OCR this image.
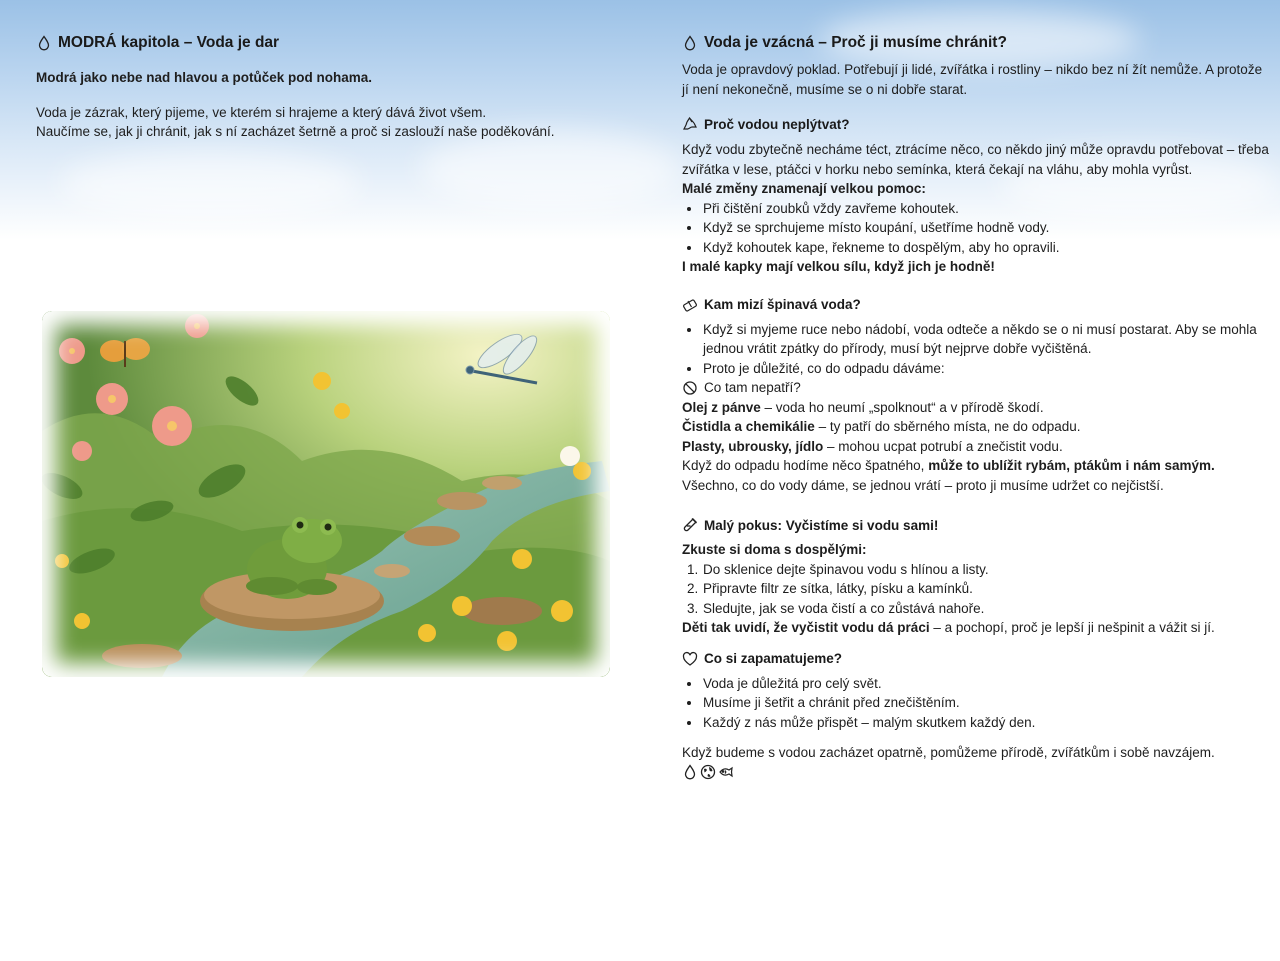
MODRÁ kapitola – Voda je dar

Modrá jako nebe nad hlavou a potůček pod nohama.

Voda je zázrak, který pijeme, ve kterém si hrajeme a který dává život všem.

Naučíme se, jak ji chránit, jak s ní zacházet šetrně a proč si zaslouží naše poděkování.

Voda je vzácná – Proč ji musíme chránit?

Voda je opravdový poklad. Potřebují ji lidé, zvířátka i rostliny – nikdo bez ní žít nemůže. A protože jí není nekonečně, musíme se o ni dobře starat.

Proč vodou neplýtvat?

Když vodu zbytečně necháme téct, ztrácíme něco, co někdo jiný může opravdu potřebovat – třeba zvířátka v lese, ptáčci v horku nebo semínka, která čekají na vláhu, aby mohla vyrůst.

Malé změny znamenají velkou pomoc:

• Při čištění zoubků vždy zavřeme kohoutek.
• Když se sprchujeme místo koupání, ušetříme hodně vody.
• Když kohoutek kape, řekneme to dospělým, aby ho opravili.

I malé kapky mají velkou sílu, když jich je hodně!

Kam mizí špinavá voda?
• Když si myjeme ruce nebo nádobí, voda odteče a někdo se o ni musí postarat. Aby se mohla jednou vrátit zpátky do přírody, musí být nejprve dobře vyčištěná.
• Proto je důležité, co do odpadu dáváme:
Co tam nepatří?

Olej z pánve – voda ho neumí „spolknout“ a v přírodě škodí.

Čistidla a chemikálie – ty patří do sběrného místa, ne do odpadu.

Plasty, ubrousky, jídlo – mohou ucpat potrubí a znečistit vodu.

Když do odpadu hodíme něco špatného, může to ublížit rybám, ptákům i nám samým.

Všechno, co do vody dáme, se jednou vrátí – proto ji musíme udržet co nejčistší.

Malý pokus: Vyčistíme si vodu sami!

Zkuste si doma s dospělými:

1. Do sklenice dejte špinavou vodu s hlínou a listy.
2. Připravte filtr ze sítka, látky, písku a kamínků.
3. Sledujte, jak se voda čistí a co zůstává nahoře.

Děti tak uvidí, že vyčistit vodu dá práci – a pochopí, proč je lepší ji nešpinit a vážit si jí.

Co si zapamatujeme?
• Voda je důležitá pro celý svět.
• Musíme ji šetřit a chránit před znečištěním.
• Každý z nás může přispět – malým skutkem každý den.

Když budeme s vodou zacházet opatrně, pomůžeme přírodě, zvířátkům i sobě navzájem.
